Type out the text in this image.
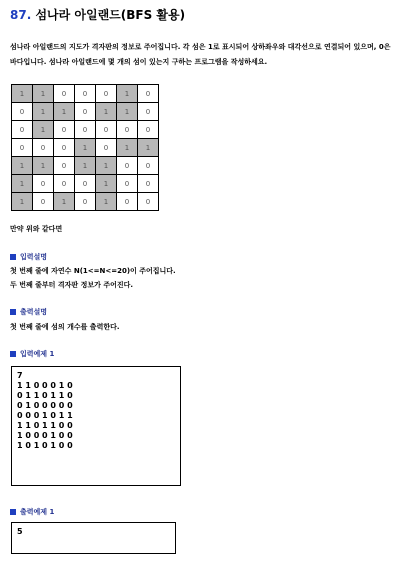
87. 섬나라 아일랜드(BFS 활용)
섬나라 아일랜드의 지도가 격자판의 정보로 주어집니다. 각 섬은 1로 표시되어 상하좌우와 대각선으로 연결되어 있으며, 0은 바다입니다. 섬나라 아일랜드에 몇 개의 섬이 있는지 구하는 프로그램을 작성하세요.
1	1	0	0	0	1	0
0	1	1	0	1	1	0
0	1	0	0	0	0	0
0	0	0	1	0	1	1
1	1	0	1	1	0	0
1	0	0	0	1	0	0
1	0	1	0	1	0	0
만약 위와 같다면
입력설명
첫 번째 줄에 자연수 N(1<=N<=20)이 주어집니다.
두 번째 줄부터 격자판 정보가 주어진다.
출력설명
첫 번째 줄에 섬의 개수를 출력한다.
입력예제 1
7
1 1 0 0 0 1 0
0 1 1 0 1 1 0
0 1 0 0 0 0 0
0 0 0 1 0 1 1
1 1 0 1 1 0 0
1 0 0 0 1 0 0
1 0 1 0 1 0 0
출력예제 1
5
